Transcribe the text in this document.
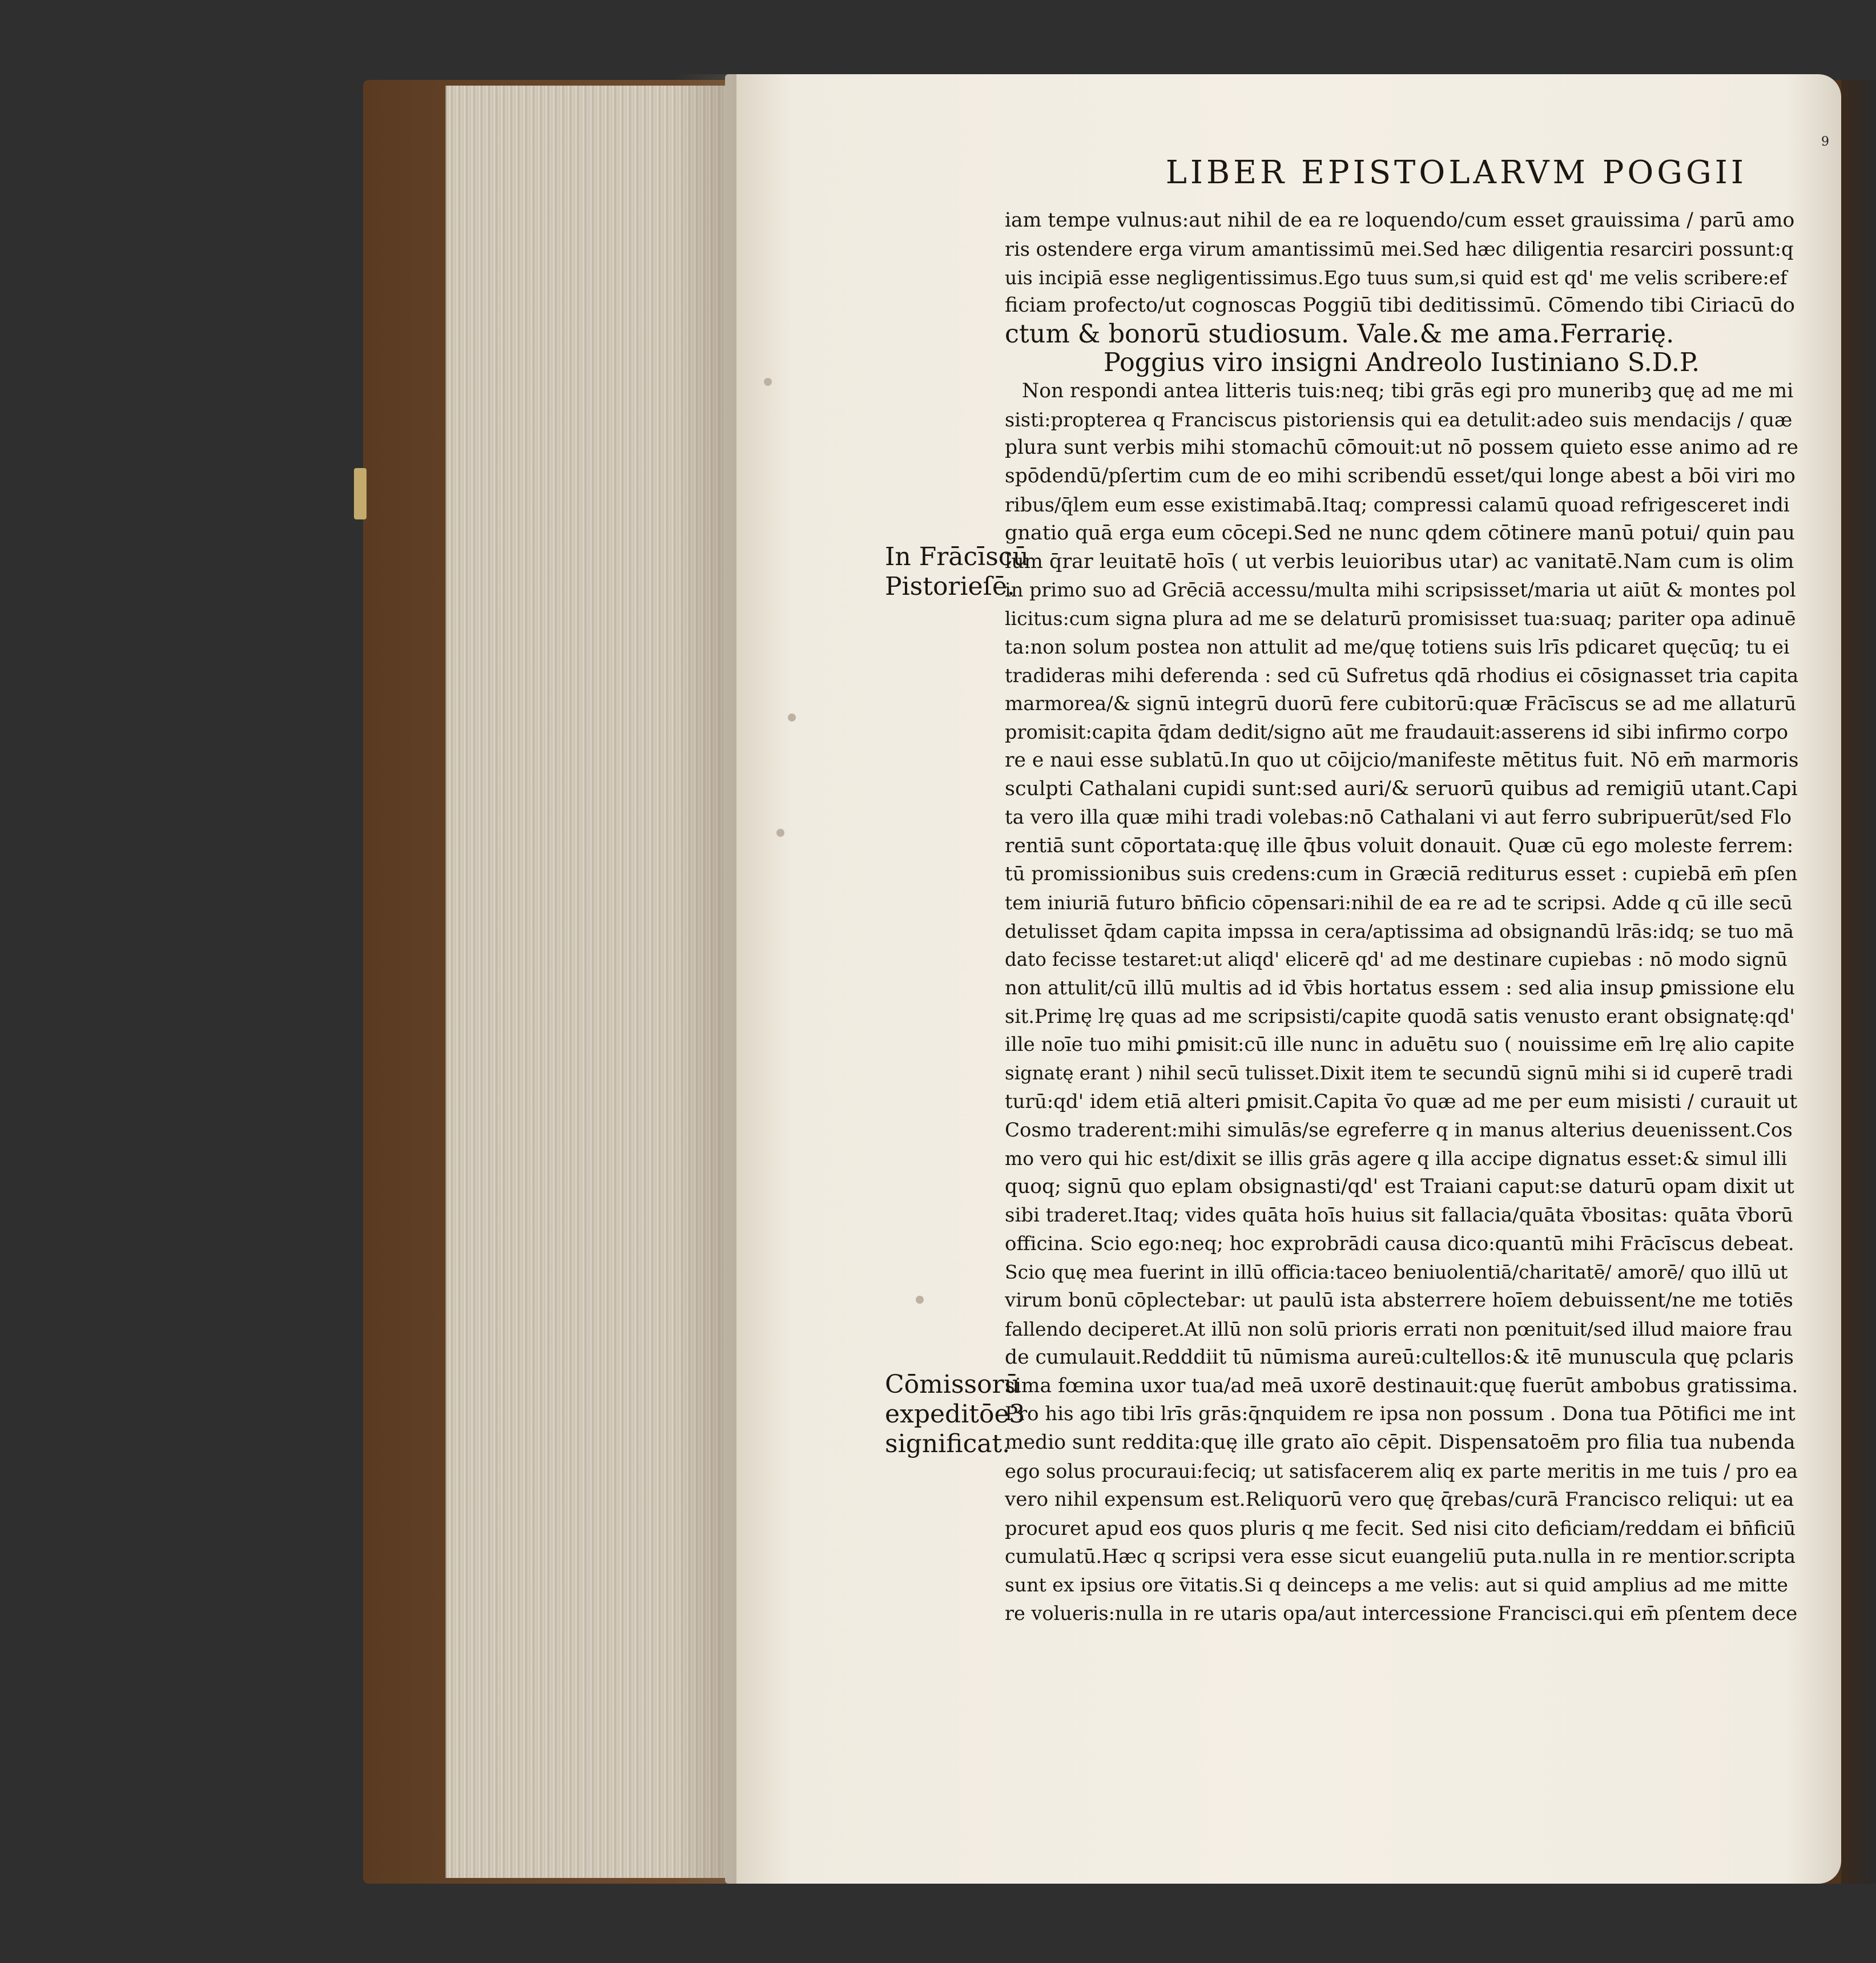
LIBER EPISTOLARVM POGGII
9
iam tempe vulnus:aut nihil de ea re loquendo/cum esset grauissima / parū amo
ris ostendere erga virum amantissimū mei.Sed hæc diligentia resarciri possunt:q
uis incipiā esse negligentissimus.Ego tuus sum,si quid est qd' me velis scribere:ef
ficiam profecto/ut cognoscas Poggiū tibi deditissimū. Cōmendo tibi Ciriacū do
ctum & bonorū studiosum. Vale.& me ama.Ferrarię.
Poggius viro insigni Andreolo Iustiniano S.D.P.
Non respondi antea litteris tuis:neq; tibi grās egi pro muneribꝫ quę ad me mi
sisti:propterea q Franciscus pistoriensis qui ea detulit:adeo suis mendacijs / quæ
plura sunt verbis mihi stomachū cōmouit:ut nō possem quieto esse animo ad re
spōdendū/pſertim cum de eo mihi scribendū esset/qui longe abest a bōi viri mo
ribus/q̄lem eum esse existimabā.Itaq; compressi calamū quoad refrigesceret indi
gnatio quā erga eum cōcepi.Sed ne nunc qdem cōtinere manū potui/ quin pau
lum q̄rar leuitatē hoīs ( ut verbis leuioribus utar) ac vanitatē.Nam cum is olim
in primo suo ad Grēciā accessu/multa mihi scripsisset/maria ut aiūt & montes pol
licitus:cum signa plura ad me se delaturū promisisset tua:suaq; pariter opa adinuē
ta:non solum postea non attulit ad me/quę totiens suis lrīs pdicaret quęcūq; tu ei
tradideras mihi deferenda : sed cū Sufretus qdā rhodius ei cōsignasset tria capita
marmorea/& signū integrū duorū fere cubitorū:quæ Frācīscus se ad me allaturū
promisit:capita q̄dam dedit/signo aūt me fraudauit:asserens id sibi infirmo corpo
re e naui esse sublatū.In quo ut cōijcio/manifeste mētitus fuit. Nō em̄ marmoris
sculpti Cathalani cupidi sunt:sed auri/& seruorū quibus ad remigiū utant.Capi
ta vero illa quæ mihi tradi volebas:nō Cathalani vi aut ferro subripuerūt/sed Flo
rentiā sunt cōportata:quę ille q̄bus voluit donauit. Quæ cū ego moleste ferrem:
tū promissionibus suis credens:cum in Græciā rediturus esset : cupiebā em̄ pſen
tem iniuriā futuro bn̄ficio cōpensari:nihil de ea re ad te scripsi. Adde q cū ille secū
detulisset q̄dam capita impssa in cera/aptissima ad obsignandū lrās:idq; se tuo mā
dato fecisse testaret:ut aliqd' elicerē qd' ad me destinare cupiebas : nō modo signū
non attulit/cū illū multis ad id v̄bis hortatus essem : sed alia insup ꝑmissione elu
sit.Primę lrę quas ad me scripsisti/capite quodā satis venusto erant obsignatę:qd'
ille noīe tuo mihi ꝑmisit:cū ille nunc in aduētu suo ( nouissime em̄ lrę alio capite
signatę erant ) nihil secū tulisset.Dixit item te secundū signū mihi si id cuperē tradi
turū:qd' idem etiā alteri ꝑmisit.Capita v̄o quæ ad me per eum misisti / curauit ut
Cosmo traderent:mihi simulās/se egreferre q in manus alterius deuenissent.Cos
mo vero qui hic est/dixit se illis grās agere q illa accipe dignatus esset:& simul illi
quoq; signū quo eplam obsignasti/qd' est Traiani caput:se daturū opam dixit ut
sibi traderet.Itaq; vides quāta hoīs huius sit fallacia/quāta v̄bositas: quāta v̄borū
officina. Scio ego:neq; hoc exprobrādi causa dico:quantū mihi Frācīscus debeat.
Scio quę mea fuerint in illū officia:taceo beniuolentiā/charitatē/ amorē/ quo illū ut
virum bonū cōplectebar: ut paulū ista absterrere hoīem debuissent/ne me totiēs
fallendo deciperet.At illū non solū prioris errati non pœnituit/sed illud maiore frau
de cumulauit.Redddiit tū nūmisma aureū:cultellos:& itē munuscula quę pclaris
sima fœmina uxor tua/ad meā uxorē destinauit:quę fuerūt ambobus gratissima.
Pro his ago tibi lrīs grās:q̄nquidem re ipsa non possum . Dona tua Pōtifici me int
medio sunt reddita:quę ille grato aīo cēpit. Dispensatoēm pro filia tua nubenda
ego solus procuraui:feciq; ut satisfacerem aliq ex parte meritis in me tuis / pro ea
vero nihil expensum est.Reliquorū vero quę q̄rebas/curā Francisco reliqui: ut ea
procuret apud eos quos pluris q me fecit. Sed nisi cito deficiam/reddam ei bn̄ficiū
cumulatū.Hæc q scripsi vera esse sicut euangeliū puta.nulla in re mentior.scripta
sunt ex ipsius ore v̄itatis.Si q deinceps a me velis: aut si quid amplius ad me mitte
re volueris:nulla in re utaris opa/aut intercessione Francisci.qui em̄ pſentem dece
In Frācīscū
Pistorieſē.
Cōmissorū
expeditōe3
significat.
